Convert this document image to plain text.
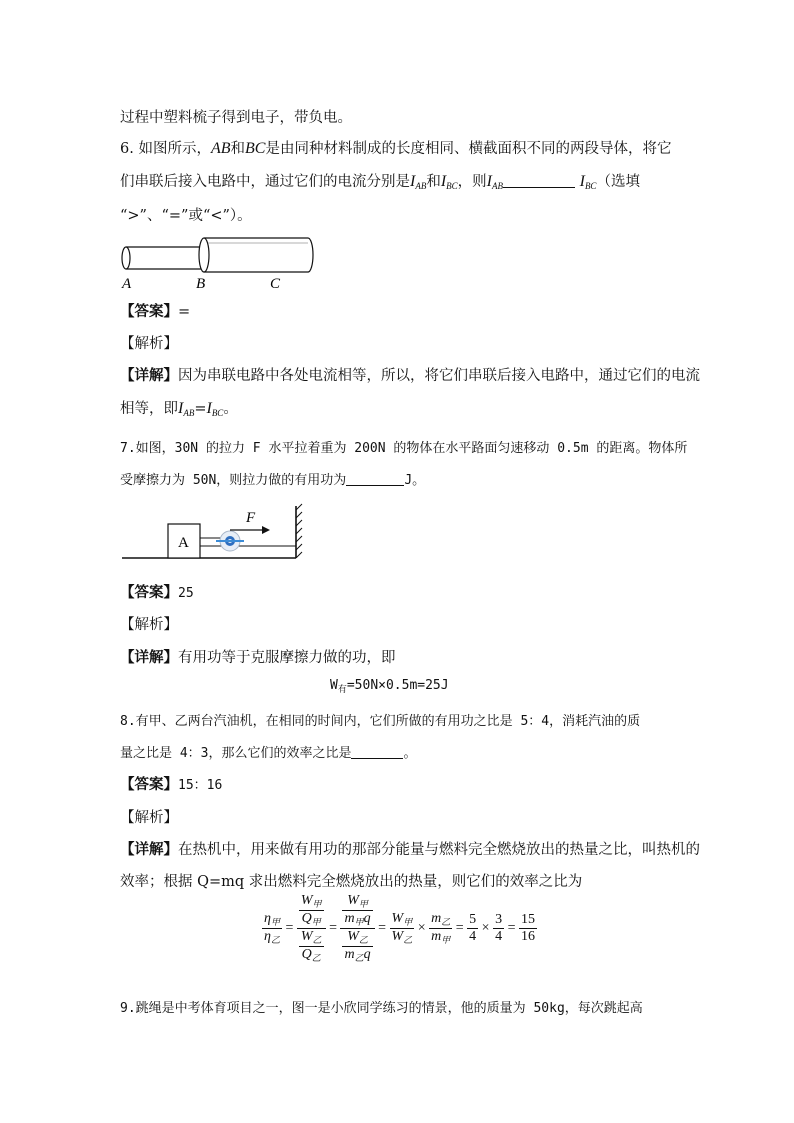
过程中塑料梳子得到电子，带负电。
6. 如图所示，AB和BC是由同种材料制成的长度相同、横截面积不同的两段导体，将它
们串联后接入电路中，通过它们的电流分别是$I_{AB}$和$I_{BC}$，则$I_{AB}$	$I_{BC}$（选填
“>”、“=”或“<”）。
A	B	C
【答案】=
【解析】
【详解】因为串联电路中各处电流相等，所以，将它们串联后接入电路中，通过它们的电流
相等，即$I_{AB}=I_{BC}$。
7.如图，30N 的拉力 F 水平拉着重为 200N 的物体在水平路面匀速移动 0.5m 的距离。物体所
受摩擦力为 50N，则拉力做的有用功为	J。
A
F
【答案】25
【解析】
【详解】有用功等于克服摩擦力做的功，即
$W_有=50N\times 0.5m=25J$
8.有甲、乙两台汽油机，在相同的时间内，它们所做的有用功之比是 5：4，消耗汽油的质
量之比是 4：3，那么它们的效率之比是	。
【答案】15：16
【解析】
【详解】在热机中，用来做有用功的那部分能量与燃料完全燃烧放出的热量之比，叫热机的
效率；根据 Q=mq 求出燃料完全燃烧放出的热量，则它们的效率之比为
$\frac{\eta_甲}{\eta_乙} = \frac{\frac{W_甲}{Q_甲}}{\frac{W_乙}{Q_乙}} = \frac{\frac{W_甲}{m_甲q}}{\frac{W_乙}{m_乙q}} = \frac{W_甲}{W_乙} \times \frac{m_乙}{m_甲} = \frac{5}{4} \times \frac{3}{4} = \frac{15}{16}$
9.跳绳是中考体育项目之一，图一是小欣同学练习的情景，他的质量为 50kg，每次跳起高
